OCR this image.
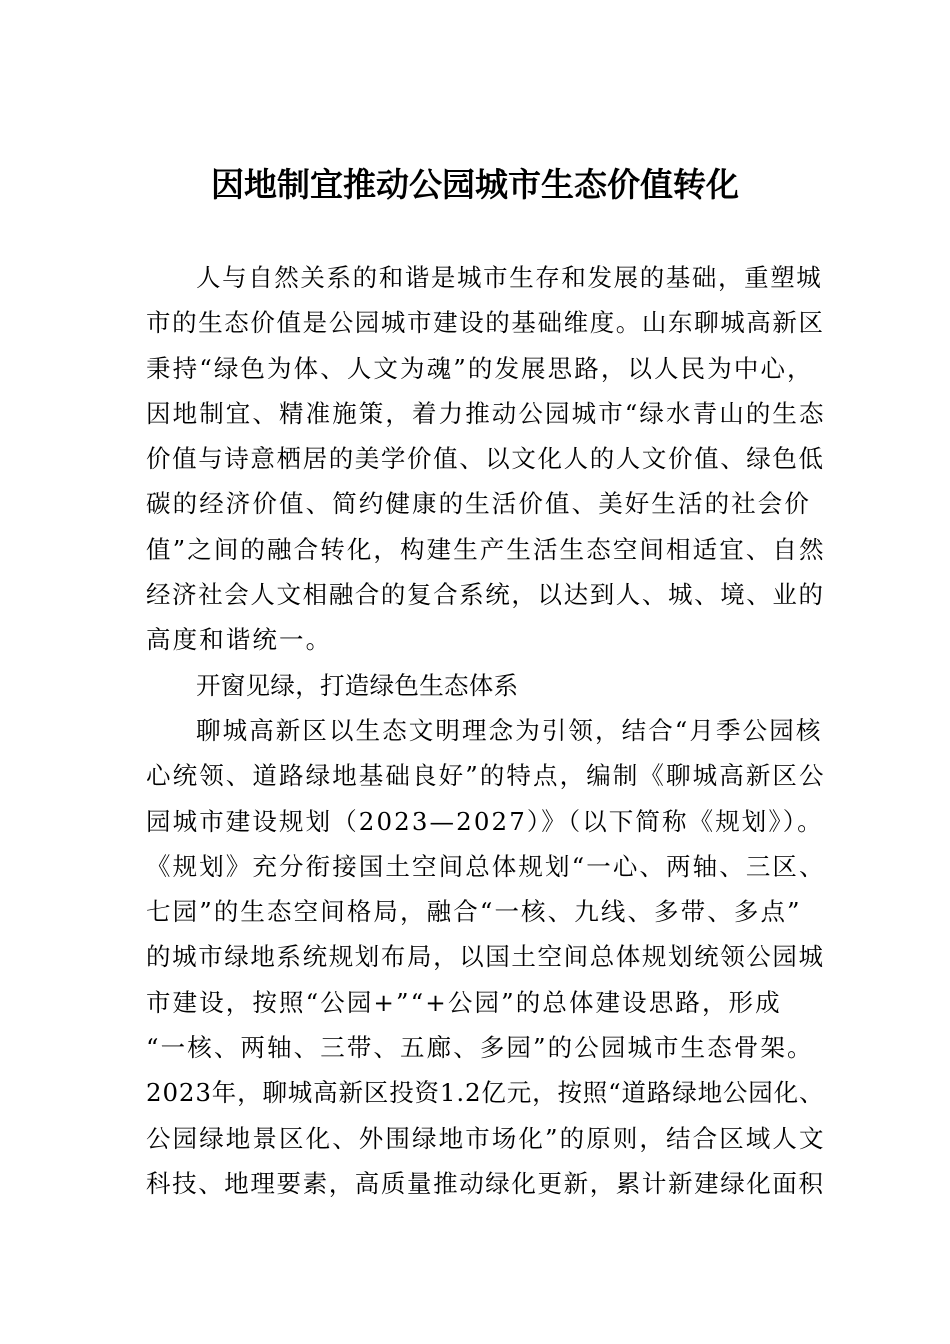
因地制宜推动公园城市生态价值转化
人与自然关系的和谐是城市生存和发展的基础，重塑城
市的生态价值是公园城市建设的基础维度。山东聊城高新区
秉持“绿色为体、人文为魂”的发展思路，以人民为中心，
因地制宜、精准施策，着力推动公园城市“绿水青山的生态
价值与诗意栖居的美学价值、以文化人的人文价值、绿色低
碳的经济价值、简约健康的生活价值、美好生活的社会价
值”之间的融合转化，构建生产生活生态空间相适宜、自然
经济社会人文相融合的复合系统，以达到人、城、境、业的
高度和谐统一。
开窗见绿，打造绿色生态体系
聊城高新区以生态文明理念为引领，结合“月季公园核
心统领、道路绿地基础良好”的特点，编制《聊城高新区公
园城市建设规划（2023—2027）》（以下简称《规划》）。
《规划》充分衔接国土空间总体规划“一心、两轴、三区、
七园”的生态空间格局，融合“一核、九线、多带、多点”
的城市绿地系统规划布局，以国土空间总体规划统领公园城
市建设，按照“公园+”“+公园”的总体建设思路，形成
“一核、两轴、三带、五廊、多园”的公园城市生态骨架。
2023年，聊城高新区投资1.2亿元，按照“道路绿地公园化、
公园绿地景区化、外围绿地市场化”的原则，结合区域人文
科技、地理要素，高质量推动绿化更新，累计新建绿化面积
